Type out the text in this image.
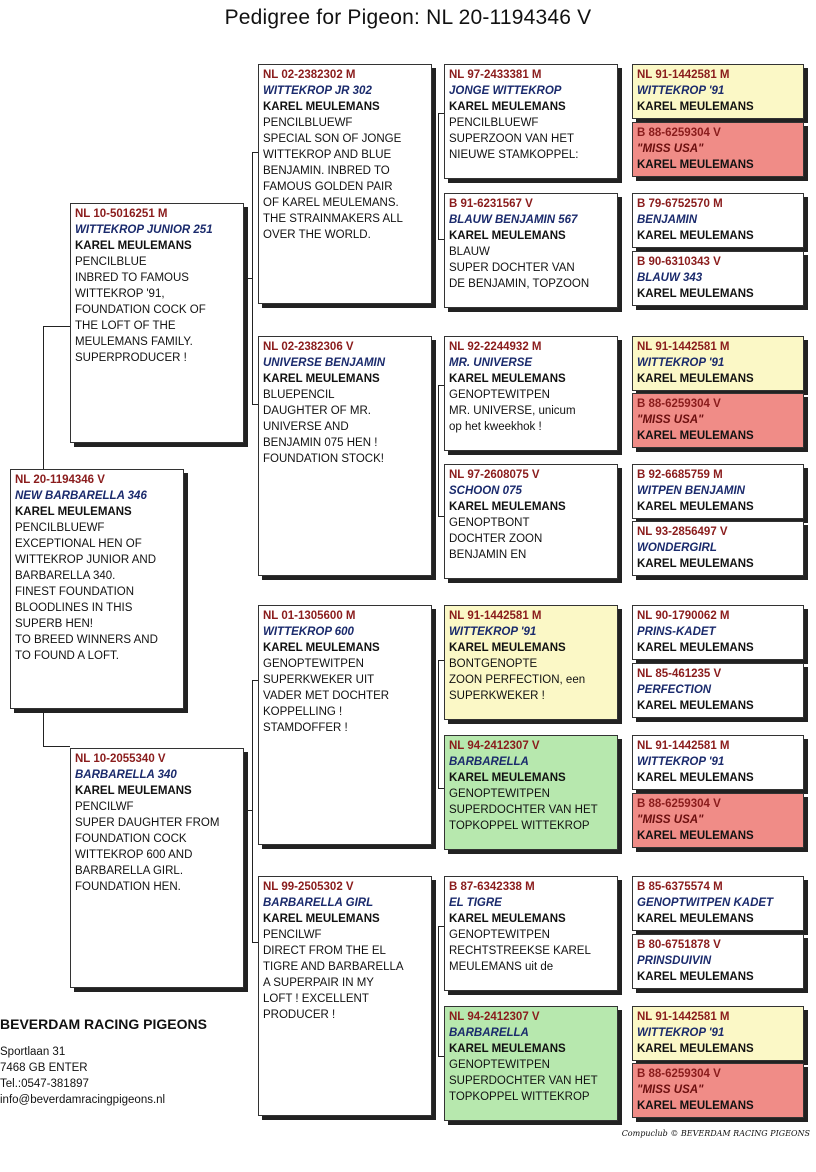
Pedigree for Pigeon: NL 20-1194346 V
NL 20-1194346 V
NEW BARBARELLA 346
KAREL MEULEMANS
PENCILBLUEWF
EXCEPTIONAL HEN OF
WITTEKROP JUNIOR AND
BARBARELLA 340.
FINEST FOUNDATION
BLOODLINES IN THIS
SUPERB HEN!
TO BREED WINNERS AND
TO FOUND A LOFT.
NL 10-5016251 M
WITTEKROP JUNIOR 251
KAREL MEULEMANS
PENCILBLUE
INBRED TO FAMOUS
WITTEKROP '91,
FOUNDATION COCK OF
THE LOFT OF THE
MEULEMANS FAMILY.
SUPERPRODUCER !
NL 10-2055340 V
BARBARELLA 340
KAREL MEULEMANS
PENCILWF
SUPER DAUGHTER FROM
FOUNDATION COCK
WITTEKROP 600 AND
BARBARELLA GIRL.
FOUNDATION HEN.
NL 02-2382302 M
WITTEKROP JR 302
KAREL MEULEMANS
PENCILBLUEWF
SPECIAL SON OF JONGE
WITTEKROP AND BLUE
BENJAMIN. INBRED TO
FAMOUS GOLDEN PAIR
OF KAREL MEULEMANS.
THE STRAINMAKERS ALL
OVER THE WORLD.
NL 02-2382306 V
UNIVERSE BENJAMIN
KAREL MEULEMANS
BLUEPENCIL
DAUGHTER OF MR.
UNIVERSE AND
BENJAMIN 075 HEN !
FOUNDATION STOCK!
NL 01-1305600 M
WITTEKROP 600
KAREL MEULEMANS
GENOPTEWITPEN
SUPERKWEKER UIT
VADER MET DOCHTER
KOPPELLING !
STAMDOFFER !
NL 99-2505302 V
BARBARELLA GIRL
KAREL MEULEMANS
PENCILWF
DIRECT FROM THE EL
TIGRE AND BARBARELLA
A SUPERPAIR IN MY
LOFT ! EXCELLENT
PRODUCER !
NL 97-2433381 M
JONGE WITTEKROP
KAREL MEULEMANS
PENCILBLUEWF
SUPERZOON VAN HET
NIEUWE STAMKOPPEL:
B 91-6231567 V
BLAUW BENJAMIN 567
KAREL MEULEMANS
BLAUW
SUPER DOCHTER VAN
DE BENJAMIN, TOPZOON
NL 92-2244932 M
MR. UNIVERSE
KAREL MEULEMANS
GENOPTEWITPEN
MR. UNIVERSE, unicum
op het kweekhok !
NL 97-2608075 V
SCHOON 075
KAREL MEULEMANS
GENOPTBONT
DOCHTER ZOON
BENJAMIN EN
NL 91-1442581 M
WITTEKROP '91
KAREL MEULEMANS
BONTGENOPTE
ZOON PERFECTION, een
SUPERKWEKER !
NL 94-2412307 V
BARBARELLA
KAREL MEULEMANS
GENOPTEWITPEN
SUPERDOCHTER VAN HET
TOPKOPPEL WITTEKROP
B 87-6342338 M
EL TIGRE
KAREL MEULEMANS
GENOPTEWITPEN
RECHTSTREEKSE KAREL
MEULEMANS uit de
NL 94-2412307 V
BARBARELLA
KAREL MEULEMANS
GENOPTEWITPEN
SUPERDOCHTER VAN HET
TOPKOPPEL WITTEKROP
NL 91-1442581 M
WITTEKROP '91
KAREL MEULEMANS
B 88-6259304 V
"MISS USA"
KAREL MEULEMANS
B 79-6752570 M
BENJAMIN
KAREL MEULEMANS
B 90-6310343 V
BLAUW 343
KAREL MEULEMANS
NL 91-1442581 M
WITTEKROP '91
KAREL MEULEMANS
B 88-6259304 V
"MISS USA"
KAREL MEULEMANS
B 92-6685759 M
WITPEN BENJAMIN
KAREL MEULEMANS
NL 93-2856497 V
WONDERGIRL
KAREL MEULEMANS
NL 90-1790062 M
PRINS-KADET
KAREL MEULEMANS
NL 85-461235 V
PERFECTION
KAREL MEULEMANS
NL 91-1442581 M
WITTEKROP '91
KAREL MEULEMANS
B 88-6259304 V
"MISS USA"
KAREL MEULEMANS
B 85-6375574 M
GENOPTWITPEN KADET
KAREL MEULEMANS
B 80-6751878 V
PRINSDUIVIN
KAREL MEULEMANS
NL 91-1442581 M
WITTEKROP '91
KAREL MEULEMANS
B 88-6259304 V
"MISS USA"
KAREL MEULEMANS
BEVERDAM RACING PIGEONS
Sportlaan 31
7468 GB ENTER
Tel.:0547-381897
info@beverdamracingpigeons.nl
Compuclub © BEVERDAM RACING PIGEONS
